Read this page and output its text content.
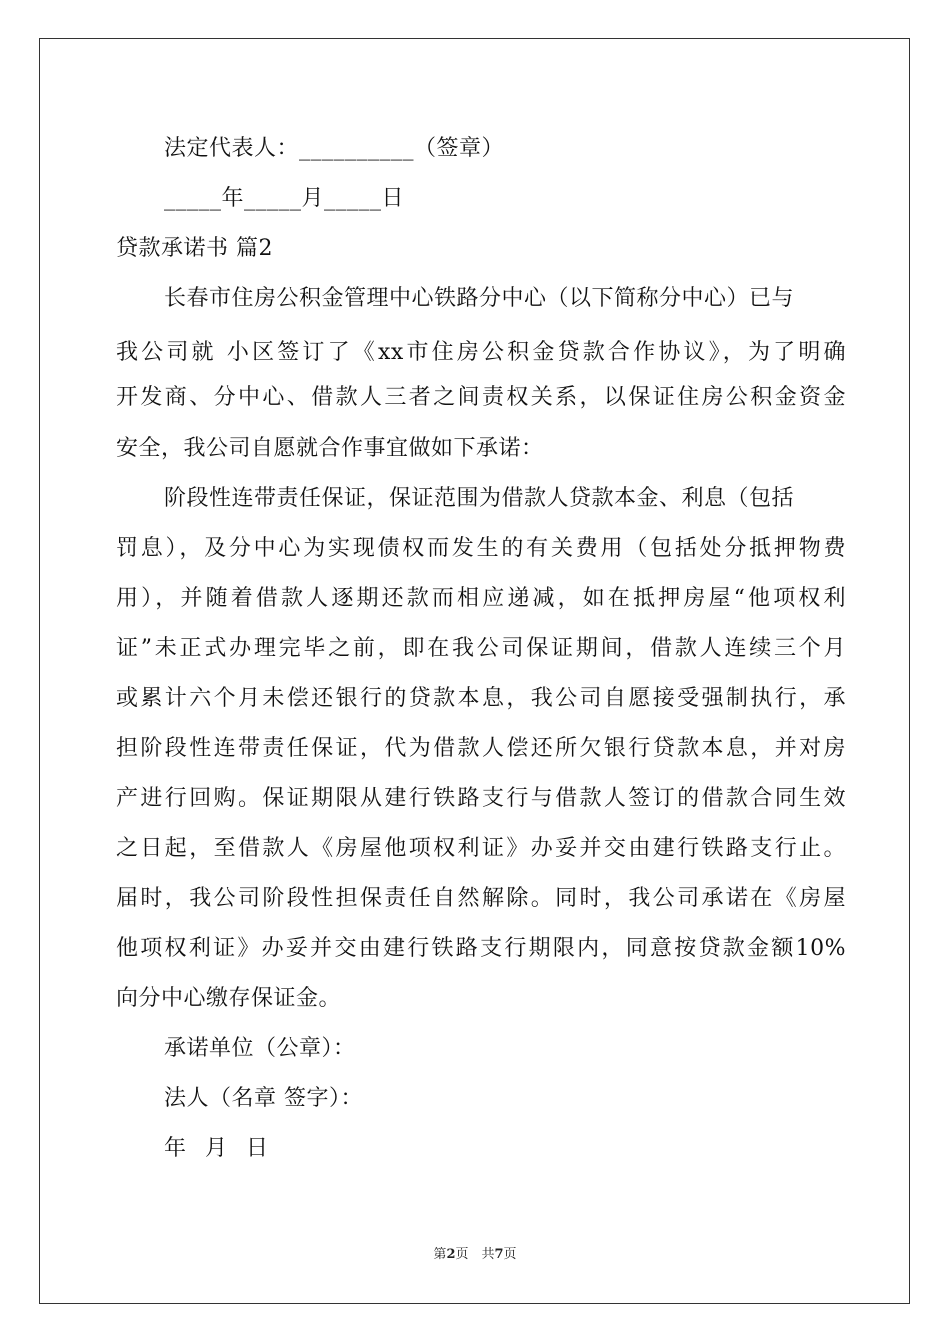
法定代表人：__________（签章）
_____年_____月_____日
贷款承诺书 篇2
长春市住房公积金管理中心铁路分中心（以下简称分中心）已与
我公司就 小区签订了《xx市住房公积金贷款合作协议》，为了明确
开发商、分中心、借款人三者之间责权关系，以保证住房公积金资金
安全，我公司自愿就合作事宜做如下承诺：
阶段性连带责任保证，保证范围为借款人贷款本金、利息（包括
罚息），及分中心为实现债权而发生的有关费用（包括处分抵押物费
用），并随着借款人逐期还款而相应递减，如在抵押房屋“他项权利
证”未正式办理完毕之前，即在我公司保证期间，借款人连续三个月
或累计六个月未偿还银行的贷款本息，我公司自愿接受强制执行，承
担阶段性连带责任保证，代为借款人偿还所欠银行贷款本息，并对房
产进行回购。保证期限从建行铁路支行与借款人签订的借款合同生效
之日起，至借款人《房屋他项权利证》办妥并交由建行铁路支行止。
届时，我公司阶段性担保责任自然解除。同时，我公司承诺在《房屋
他项权利证》办妥并交由建行铁路支行期限内，同意按贷款金额10%
向分中心缴存保证金。
承诺单位（公章）：
法人（名章 签字）：
年 月 日
第2页　共7页
